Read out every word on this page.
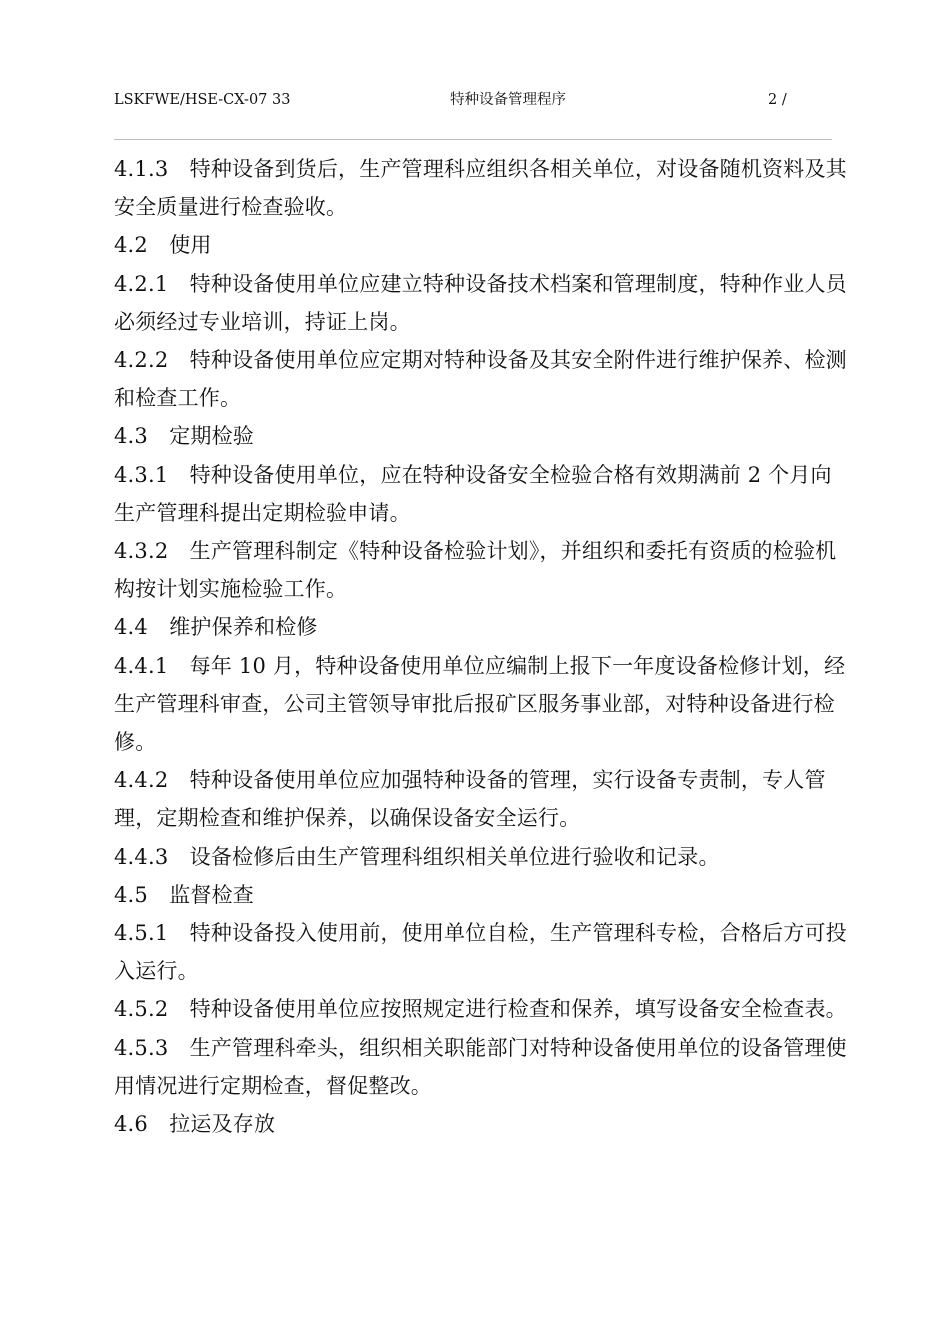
LSKFWE/HSE-CX-07 33	特种设备管理程序	2 /

4.1.3　 特种设备到货后，生产管理科应组织各相关单位，对设备随机资料及其安全质量进行检查验收。

4.2　 使用

4.2.1　 特种设备使用单位应建立特种设备技术档案和管理制度，特种作业人员必须经过专业培训，持证上岗。

4.2.2　 特种设备使用单位应定期对特种设备及其安全附件进行维护保养、检测和检查工作。

4.3　 定期检验

4.3.1　 特种设备使用单位，应在特种设备安全检验合格有效期满前 2 个月向生产管理科提出定期检验申请。

4.3.2　 生产管理科制定《特种设备检验计划》，并组织和委托有资质的检验机构按计划实施检验工作。

4.4　 维护保养和检修

4.4.1　 每年 10 月，特种设备使用单位应编制上报下一年度设备检修计划，经生产管理科审查，公司主管领导审批后报矿区服务事业部，对特种设备进行检修。

4.4.2　 特种设备使用单位应加强特种设备的管理，实行设备专责制，专人管理，定期检查和维护保养，以确保设备安全运行。

4.4.3　 设备检修后由生产管理科组织相关单位进行验收和记录。

4.5　 监督检查

4.5.1　 特种设备投入使用前，使用单位自检，生产管理科专检，合格后方可投入运行。

4.5.2　 特种设备使用单位应按照规定进行检查和保养，填写设备安全检查表。

4.5.3　 生产管理科牵头，组织相关职能部门对特种设备使用单位的设备管理使用情况进行定期检查，督促整改。

4.6　 拉运及存放
